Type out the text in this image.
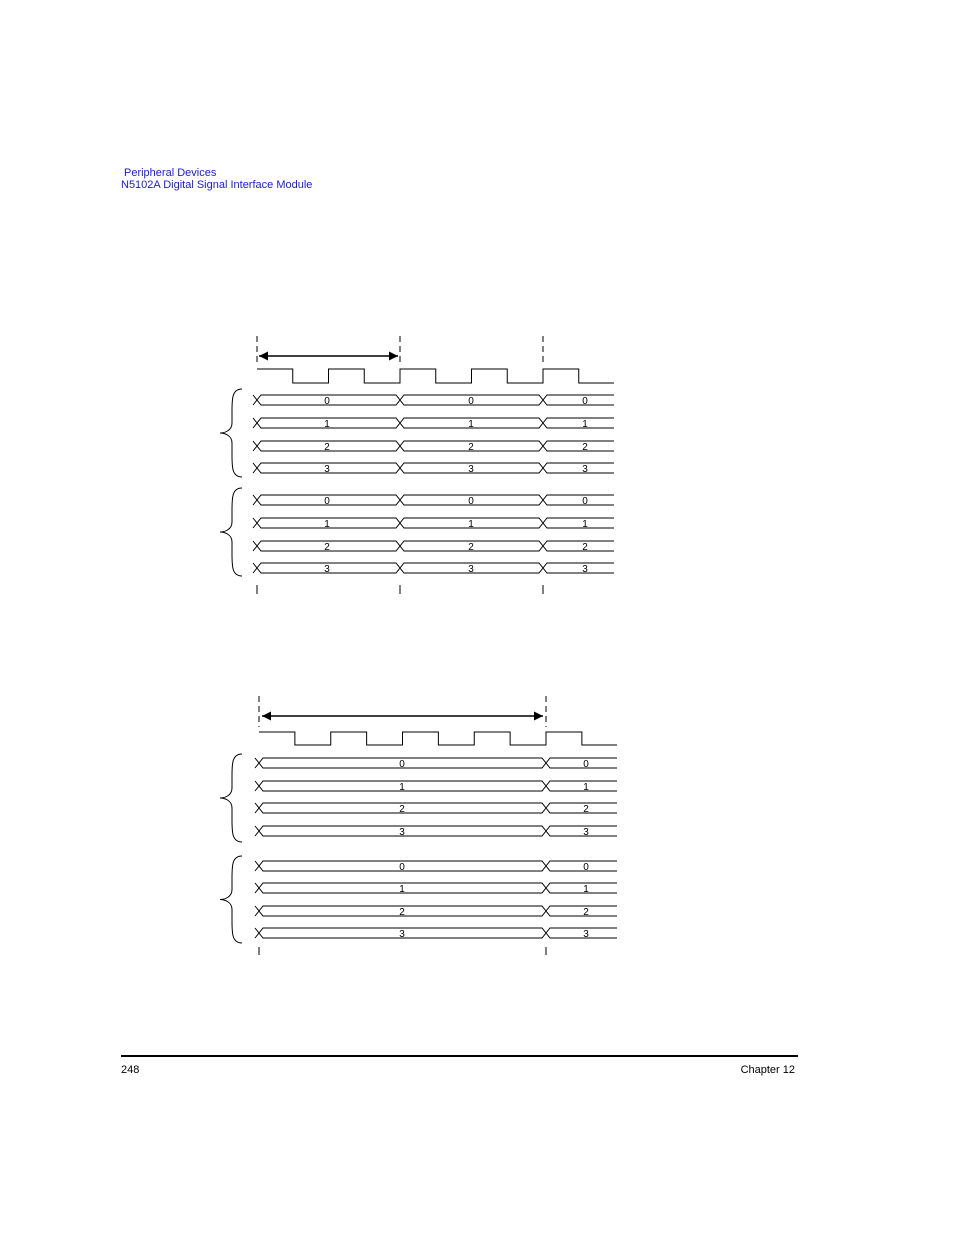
Peripheral Devices
N5102A Digital Signal Interface Module
0	0	0
1	1	1
2	2	2
3	3	3
0	0	0
1	1	1
2	2	2
3	3	3
0	0
1	1
2	2
3	3
0	0
1	1
2	2
3	3
248	Chapter 12
